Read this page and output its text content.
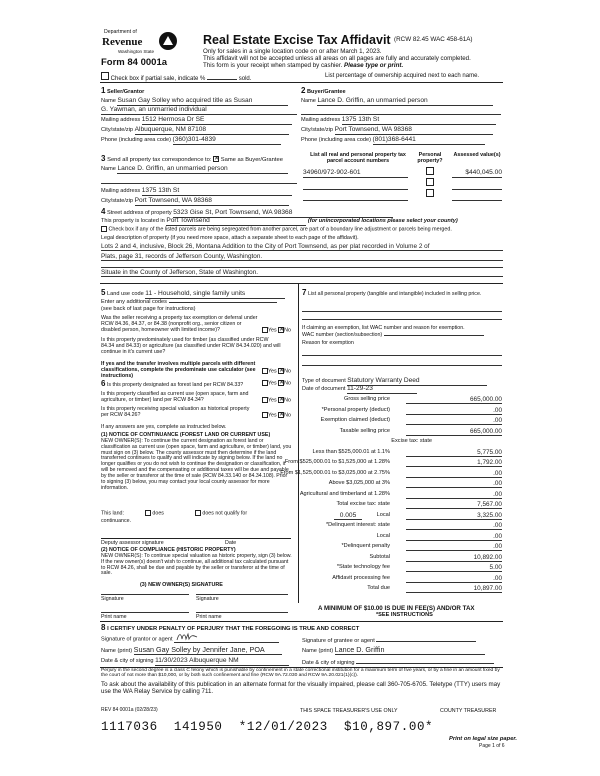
Department of
Revenue
Washington State
Form 84 0001a
Real Estate Excise Tax Affidavit (RCW 82.45 WAC 458-61A)
Only for sales in a single location code on or after March 1, 2023.
This affidavit will not be accepted unless all areas on all pages are fully and accurately completed.
This form is your receipt when stamped by cashier. Please type or print.
Check box if partial sale, indicate %	sold.	List percentage of ownership acquired next to each name.
1 Seller/Grantor
Name Susan Gay Solley who acquired title as Susan
G. Yawman, an unmarried individual
Mailing address 1512 Hermosa Dr SE
City/state/zip Albuquerque, NM 87108
Phone (including area code) (360)301-4839
2 Buyer/Grantee
Name Lance D. Griffin, an unmarried person
Mailing address 1375 13th St
City/state/zip Port Townsend, WA 98368
Phone (including area code) (801)368-6441
3 Send all property tax correspondence to: ✕ Same as Buyer/Grantee
Name Lance D. Griffin, an unmarried person
Mailing address 1375 13th St
City/state/zip Port Townsend, WA 98368
List all real and personal property tax parcel account numbers
Personal property?
Assessed value(s)
34960/972-902-601	$440,045.00
4 Street address of property 5323 Gise St, Port Townsend, WA 98368
This property is located in Port Townsend	(for unincorporated locations please select your county)
Check box if any of the listed parcels are being segregated from another parcel, are part of a boundary line adjustment or parcels being merged.
Legal description of property (if you need more space, attach a separate sheet to each page of the affidavit).
Lots 2 and 4, inclusive, Block 26, Montana Addition to the City of Port Townsend, as per plat recorded in Volume 2 of
Plats, page 31, records of Jefferson County, Washington.
Situate in the County of Jefferson, State of Washington.
5 Land use code 11 - Household, single family units
Enter any additional codes
(see back of last page for instructions)
Was the seller receiving a property tax exemption or deferral under RCW 84.36, 84.37, or 84.38 (nonprofit org., senior citizen or disabled person, homeowner with limited income)?	Yes ✕ No
Is this property predominately used for timber (as classified under RCW 84.34 and 84.33) or agriculture (as classified under RCW 84.34.020) and will continue in it's current use?
If yes and the transfer involves multiple parcels with different classifications, complete the predominate use calculator (see instructions)
Yes ✕ No
6 Is this property designated as forest land per RCW 84.33?	Yes ✕ No
Is this property classified as current use (open space, farm and agriculture, or timber) land per RCW 84.34?	Yes ✕ No
Is this property receiving special valuation as historical property per RCW 84.26?	Yes ✕ No
If any answers are yes, complete as instructed below.
(1) NOTICE OF CONTINUANCE (FOREST LAND OR CURRENT USE)
NEW OWNER(S): To continue the current designation as forest land or classification as current use (open space, farm and agriculture, or timber) land, you must sign on (3) below. The county assessor must then determine if the land transferred continues to qualify and will indicate by signing below. If the land no longer qualifies or you do not wish to continue the designation or classification, it will be removed and the compensating or additional taxes will be due and payable by the seller or transferor at the time of sale (RCW 84.33.140 or 84.34.108). Prior to signing (3) below, you may contact your local county assessor for more information.
This land:	does	does not qualify for
continuance.
Deputy assessor signature	Date
(2) NOTICE OF COMPLIANCE (HISTORIC PROPERTY)
NEW OWNER(S): To continue special valuation as historic property, sign (3) below. If the new owner(s) doesn't wish to continue, all additional tax calculated pursuant to RCW 84.26, shall be due and payable by the seller or transferor at the time of sale.
(3) NEW OWNER(S) SIGNATURE
Signature	Signature
Print name	Print name
7 List all personal property (tangible and intangible) included in selling price.
If claiming an exemption, list WAC number and reason for exemption.
WAC number (section/subsection)
Reason for exemption
Type of document Statutory Warranty Deed
Date of document 11-29-23
Gross selling price	665,000.00
*Personal property (deduct)	.00
Exemption claimed (deduct)	.00
Taxable selling price	665,000.00
Excise tax: state
Less than $525,000.01 at 1.1%	5,775.00
From $525,000.01 to $1,525,000 at 1.28%	1,792.00
From $1,525,000.01 to $3,025,000 at 2.75%	.00
Above $3,025,000 at 3%	.00
Agricultural and timberland at 1.28%	.00
Total excise tax: state	7,567.00
Local
0.005	3,325.00
*Delinquent interest: state	.00
Local	.00
*Delinquent penalty	.00
Subtotal	10,892.00
*State technology fee	5.00
Affidavit processing fee	.00
Total due	10,897.00
A MINIMUM OF $10.00 IS DUE IN FEE(S) AND/OR TAX
*SEE INSTRUCTIONS
8 I CERTIFY UNDER PENALTY OF PERJURY THAT THE FOREGOING IS TRUE AND CORRECT
Signature of grantor or agent	Signature of grantee or agent
Name (print) Susan Gay Solley by Jennifer Jane, POA	Name (print) Lance D. Griffin
Date & city of signing 11/30/2023 Albuquerque NM	Date & city of signing
Perjury in the second degree is a class C felony which is punishable by confinement in a state correctional institution for a maximum term of five years, or by a fine in an amount fixed by the court of not more than $10,000, or by both such confinement and fine (RCW 9A.72.030 and RCW 9A.20.021(1)(c)).
To ask about the availability of this publication in an alternate format for the visually impaired, please call 360-705-6705. Teletype (TTY) users may use the WA Relay Service by calling 711.
REV 84 0001a (02/28/23)	THIS SPACE TREASURER'S USE ONLY	COUNTY TREASURER
1117036  141950  *12/01/2023  $10,897.00*
Print on legal size paper.
Page 1 of 6
